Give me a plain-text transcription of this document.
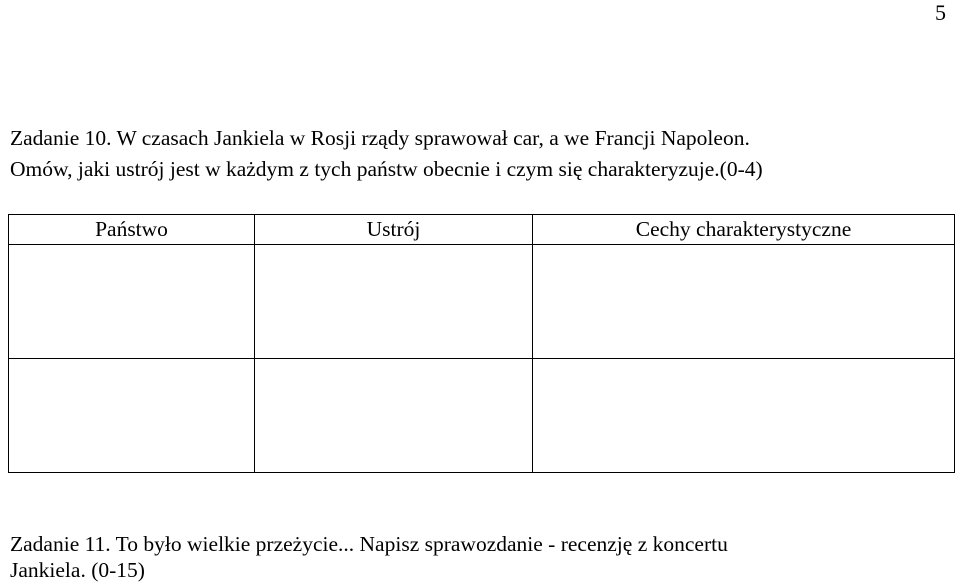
5
Zadanie 10. W czasach Jankiela w Rosji rządy sprawował car, a we Francji Napoleon.
Omów, jaki ustrój jest w każdym z tych państw obecnie i czym się charakteryzuje.(0-4)
Państwo	Ustrój	Cechy charakterystyczne

Zadanie 11. To było wielkie przeżycie... Napisz sprawozdanie - recenzję z koncertu
Jankiela. (0-15)
